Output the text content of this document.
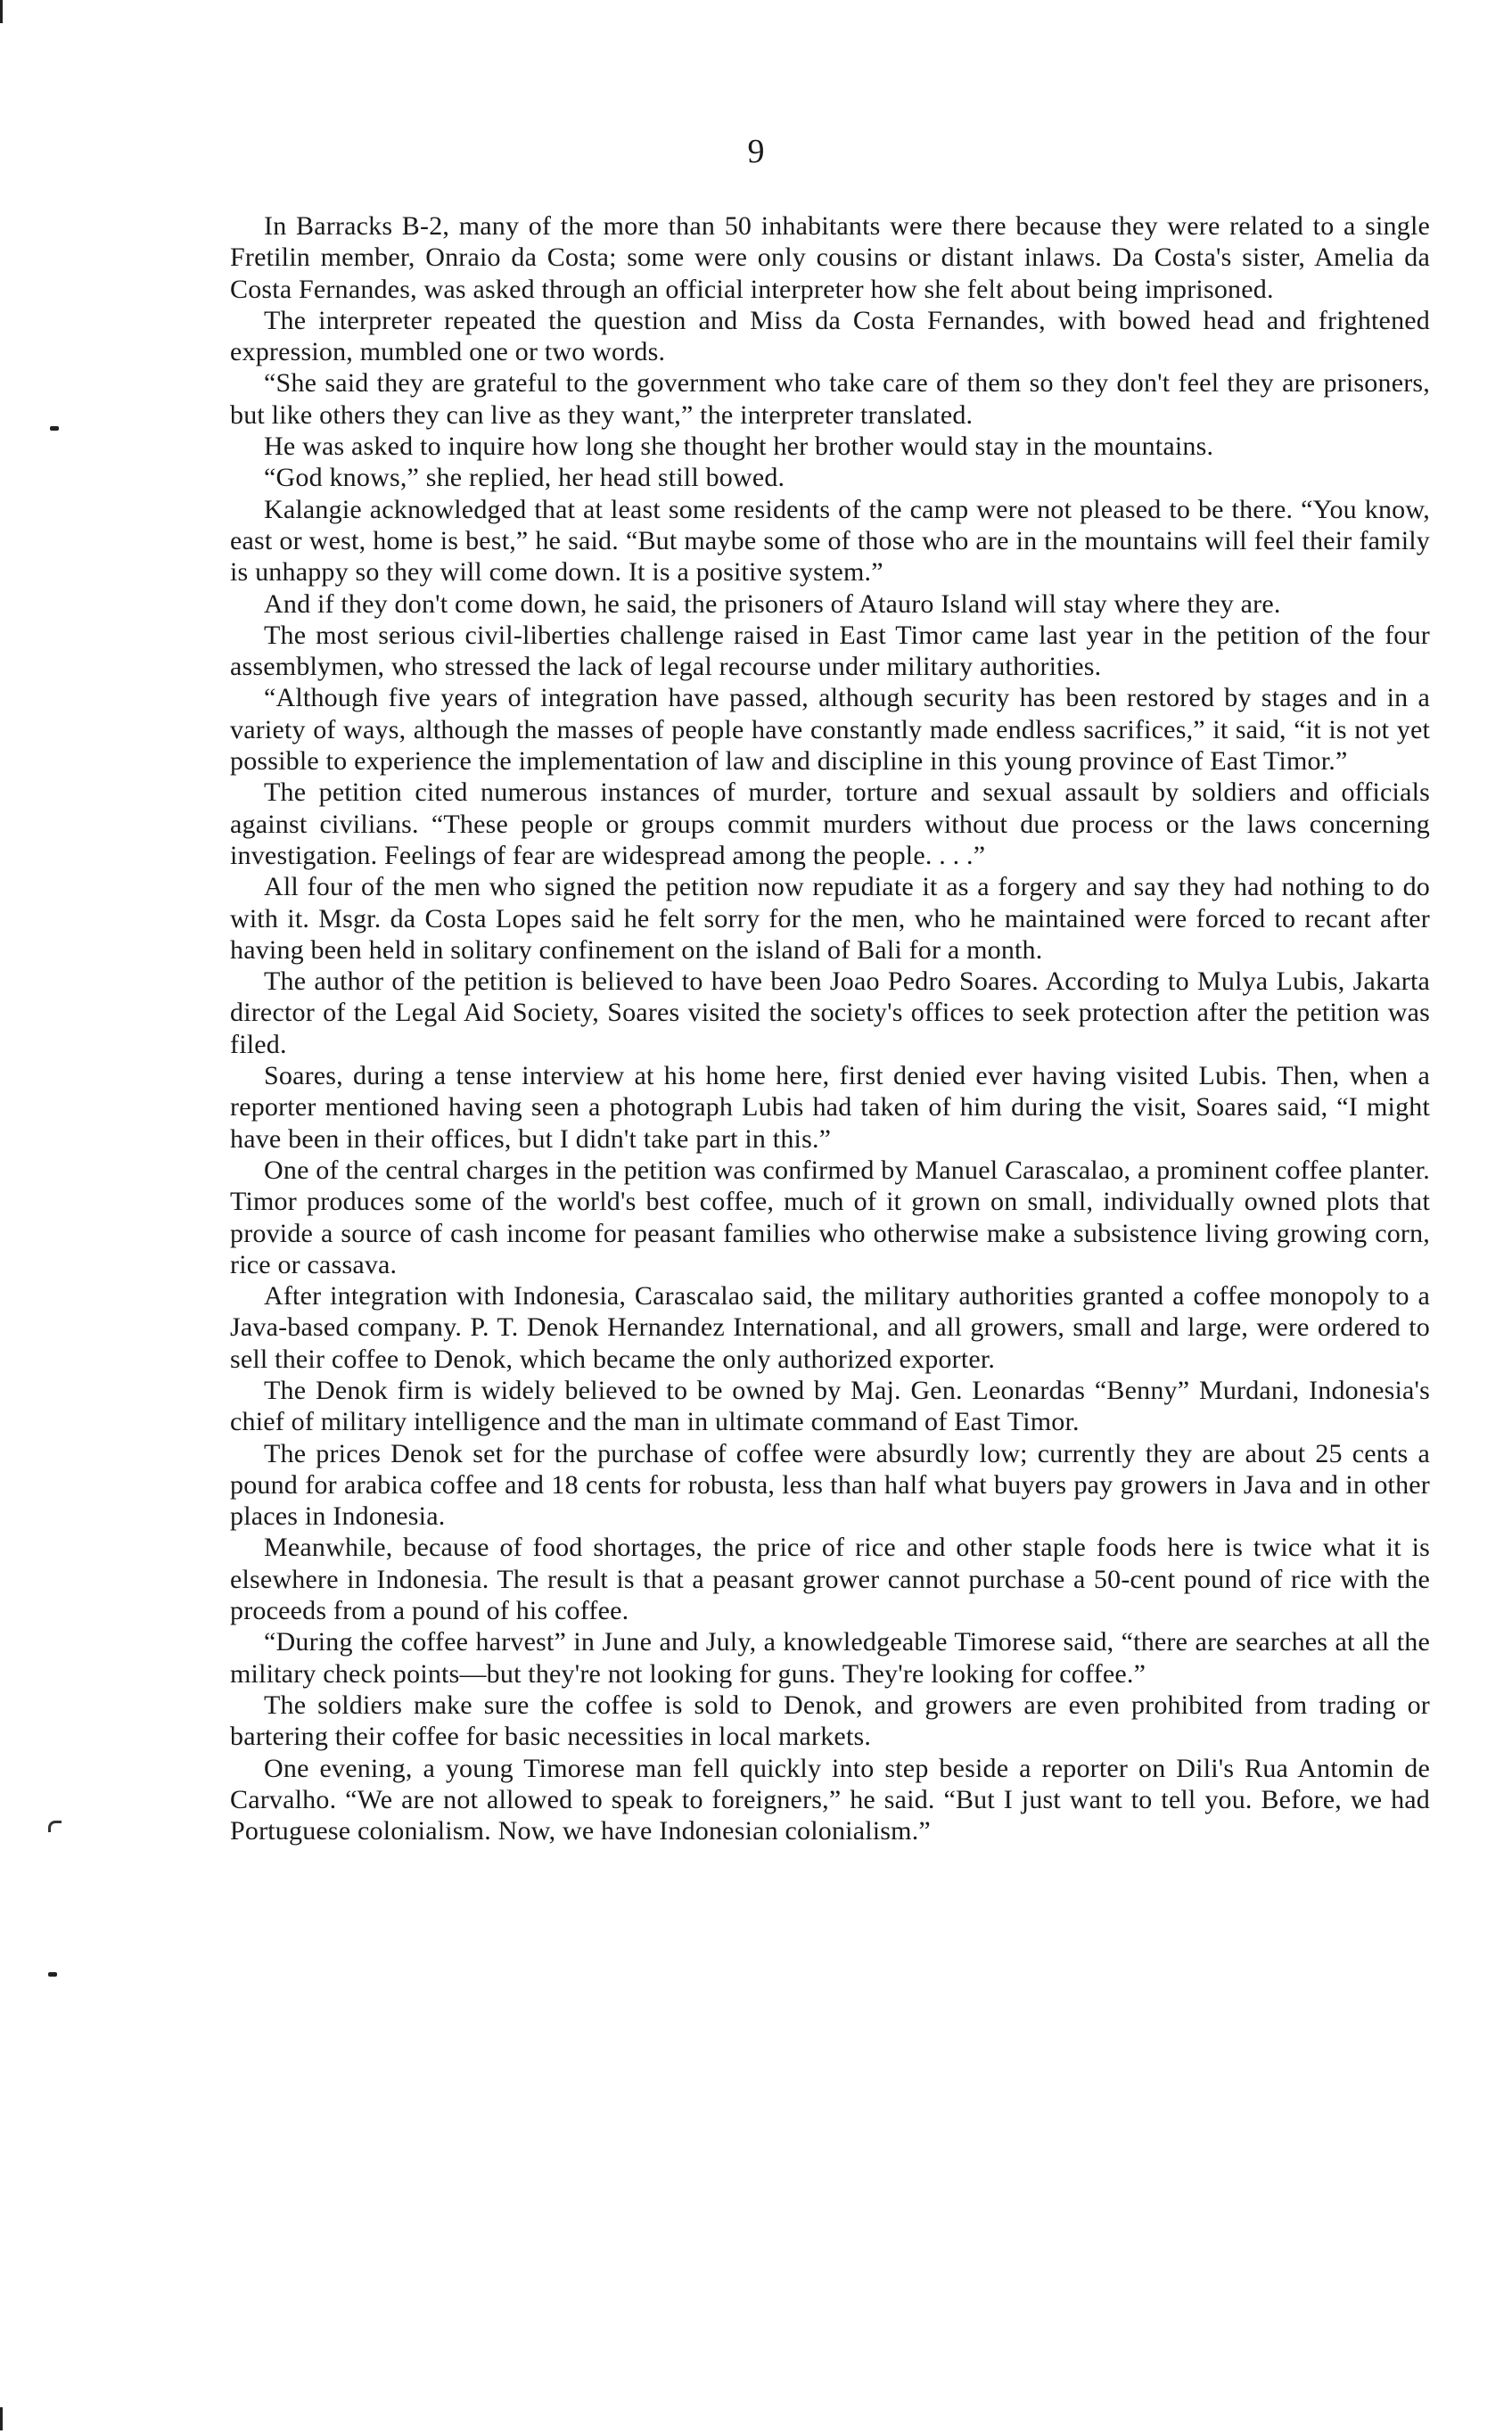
9

In Barracks B-2, many of the more than 50 inhabitants were there because they were related to a single Fretilin member, Onraio da Costa; some were only cousins or distant inlaws. Da Costa's sister, Amelia da Costa Fernandes, was asked through an official interpreter how she felt about being imprisoned.

The interpreter repeated the question and Miss da Costa Fernandes, with bowed head and frightened expression, mumbled one or two words.

“She said they are grateful to the government who take care of them so they don't feel they are prisoners, but like others they can live as they want,” the interpreter translated.

He was asked to inquire how long she thought her brother would stay in the mountains.

“God knows,” she replied, her head still bowed.

Kalangie acknowledged that at least some residents of the camp were not pleased to be there. “You know, east or west, home is best,” he said. “But maybe some of those who are in the mountains will feel their family is unhappy so they will come down. It is a positive system.”

And if they don't come down, he said, the prisoners of Atauro Island will stay where they are.

The most serious civil-liberties challenge raised in East Timor came last year in the petition of the four assemblymen, who stressed the lack of legal recourse under military authorities.

“Although five years of integration have passed, although security has been restored by stages and in a variety of ways, although the masses of people have constantly made endless sacrifices,” it said, “it is not yet possible to experience the implementation of law and discipline in this young province of East Timor.”

The petition cited numerous instances of murder, torture and sexual assault by soldiers and officials against civilians. “These people or groups commit murders without due process or the laws concerning investigation. Feelings of fear are widespread among the people. . . .”

All four of the men who signed the petition now repudiate it as a forgery and say they had nothing to do with it. Msgr. da Costa Lopes said he felt sorry for the men, who he maintained were forced to recant after having been held in solitary confinement on the island of Bali for a month.

The author of the petition is believed to have been Joao Pedro Soares. According to Mulya Lubis, Jakarta director of the Legal Aid Society, Soares visited the society's offices to seek protection after the petition was filed.

Soares, during a tense interview at his home here, first denied ever having visited Lubis. Then, when a reporter mentioned having seen a photograph Lubis had taken of him during the visit, Soares said, “I might have been in their offices, but I didn't take part in this.”

One of the central charges in the petition was confirmed by Manuel Carascalao, a prominent coffee planter. Timor produces some of the world's best coffee, much of it grown on small, individually owned plots that provide a source of cash income for peasant families who otherwise make a subsistence living growing corn, rice or cassava.

After integration with Indonesia, Carascalao said, the military authorities granted a coffee monopoly to a Java-based company. P. T. Denok Hernandez International, and all growers, small and large, were ordered to sell their coffee to Denok, which became the only authorized exporter.

The Denok firm is widely believed to be owned by Maj. Gen. Leonardas “Benny” Murdani, Indonesia's chief of military intelligence and the man in ultimate command of East Timor.

The prices Denok set for the purchase of coffee were absurdly low; currently they are about 25 cents a pound for arabica coffee and 18 cents for robusta, less than half what buyers pay growers in Java and in other places in Indonesia.

Meanwhile, because of food shortages, the price of rice and other staple foods here is twice what it is elsewhere in Indonesia. The result is that a peasant grower cannot purchase a 50-cent pound of rice with the proceeds from a pound of his coffee.

“During the coffee harvest” in June and July, a knowledgeable Timorese said, “there are searches at all the military check points—but they're not looking for guns. They're looking for coffee.”

The soldiers make sure the coffee is sold to Denok, and growers are even prohibited from trading or bartering their coffee for basic necessities in local markets.

One evening, a young Timorese man fell quickly into step beside a reporter on Dili's Rua Antomin de Carvalho. “We are not allowed to speak to foreigners,” he said. “But I just want to tell you. Before, we had Portuguese colonialism. Now, we have Indonesian colonialism.”
